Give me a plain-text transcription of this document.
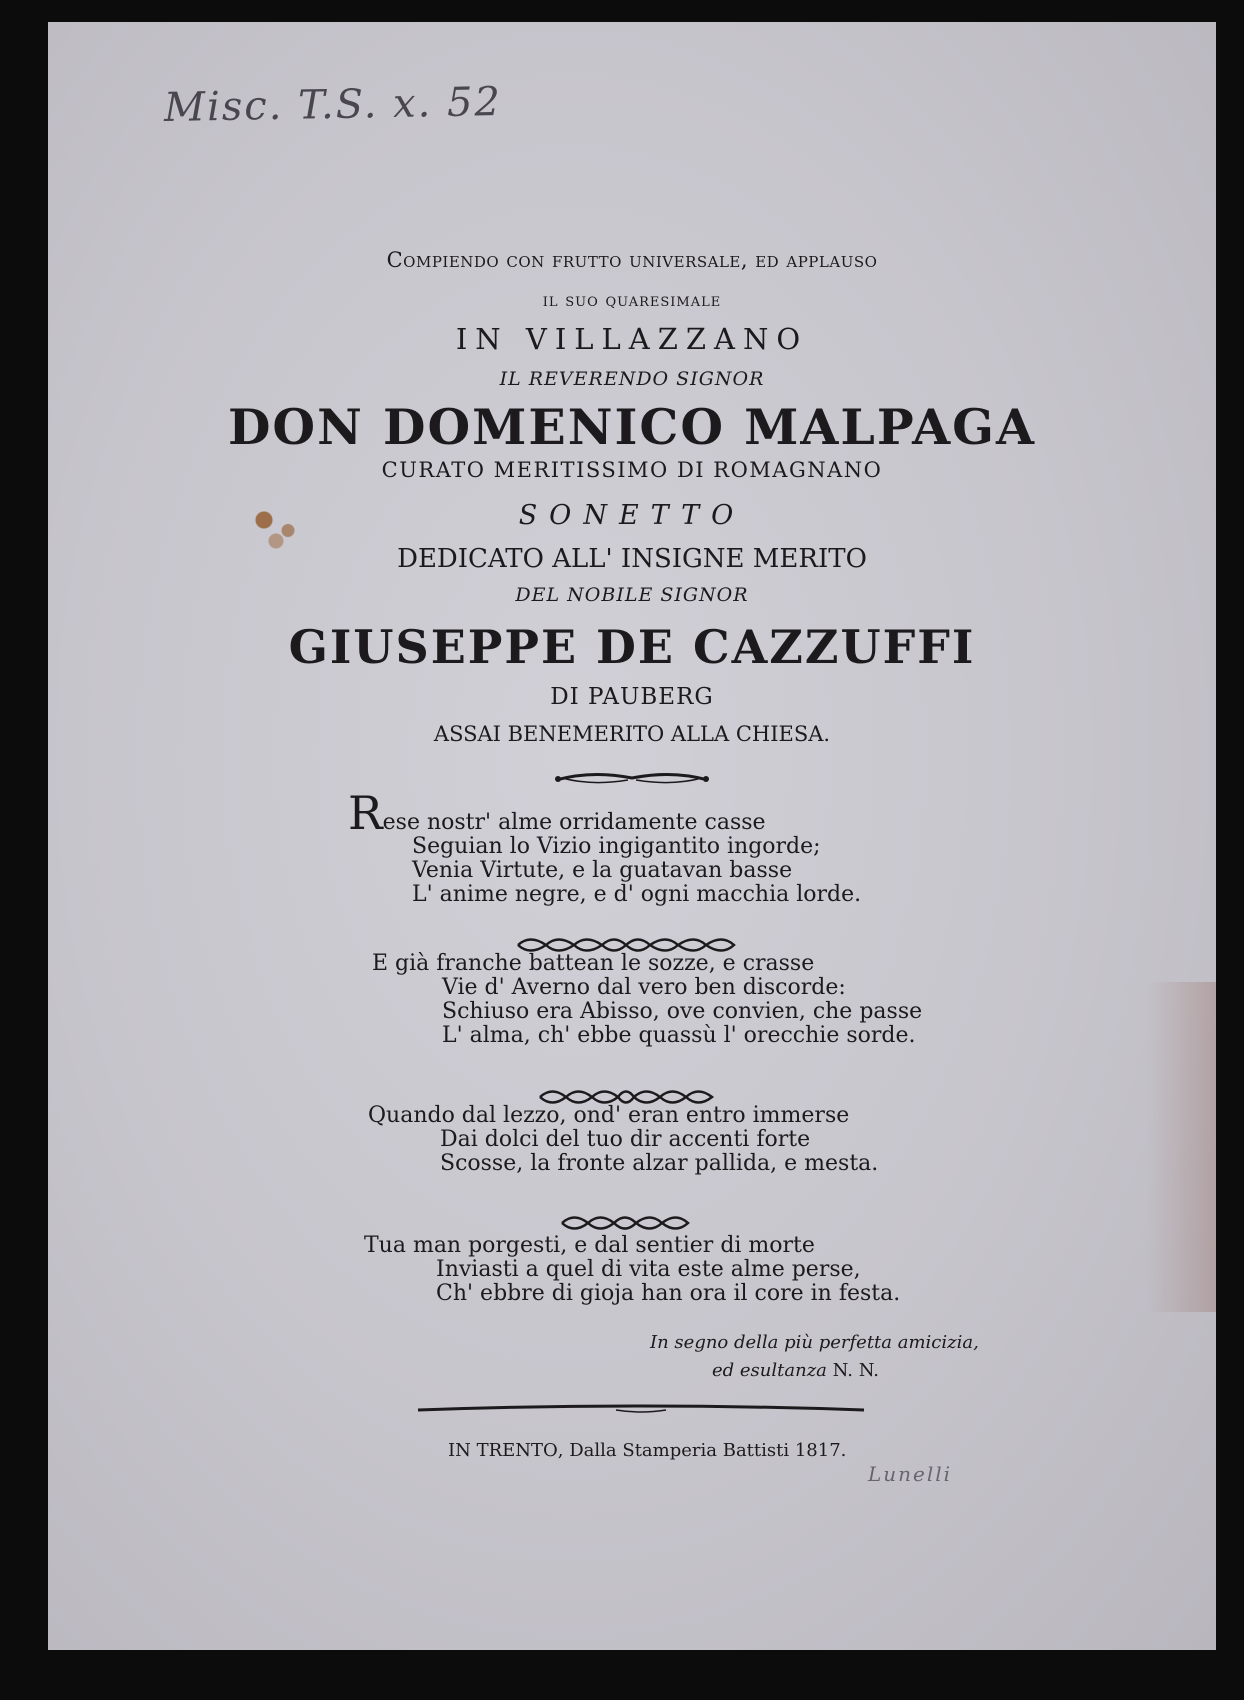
Misc. T.S. x. 52
Compiendo con frutto universale, ed applauso
il suo quaresimale
IN VILLAZZANO
IL REVERENDO SIGNOR
DON DOMENICO MALPAGA
CURATO MERITISSIMO DI ROMAGNANO
SONETTO
DEDICATO ALL' INSIGNE MERITO
DEL NOBILE SIGNOR
GIUSEPPE DE CAZZUFFI
DI PAUBERG
ASSAI BENEMERITO ALLA CHIESA.
Rese nostr' alme orridamente casse
Seguian lo Vizio ingigantito ingorde;
Venia Virtute, e la guatavan basse
L' anime negre, e d' ogni macchia lorde.
E già franche battean le sozze, e crasse
Vie d' Averno dal vero ben discorde:
Schiuso era Abisso, ove convien, che passe
L' alma, ch' ebbe quassù l' orecchie sorde.
Quando dal lezzo, ond' eran entro immerse
Dai dolci del tuo dir accenti forte
Scosse, la fronte alzar pallida, e mesta.
Tua man porgesti, e dal sentier di morte
Inviasti a quel di vita este alme perse,
Ch' ebbre di gioja han ora il core in festa.
In segno della più perfetta amicizia,
ed esultanza N. N.
IN TRENTO, Dalla Stamperia Battisti 1817.
Lunelli
